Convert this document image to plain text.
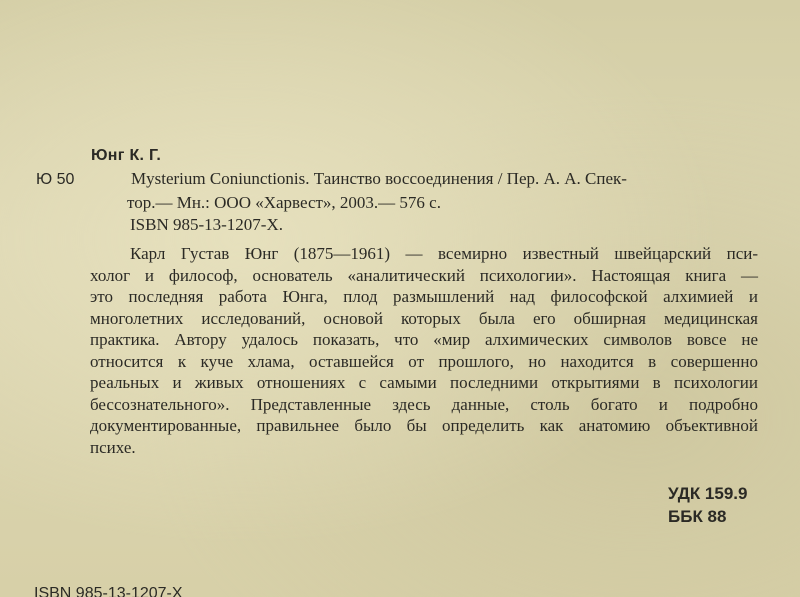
Юнг К. Г.
Ю 50	Mysterium Coniunctionis. Таинство воссоединения / Пер. А. А. Спек-
тор.— Мн.: ООО «Харвест», 2003.— 576 с.
ISBN 985-13-1207-X.
Карл Густав Юнг (1875—1961) — всемирно известный швейцарский пси-
холог и философ, основатель «аналитический психологии». Настоящая книга —
это последняя работа Юнга, плод размышлений над философской алхимией и
многолетних исследований, основой которых была его обширная медицинская
практика. Автору удалось показать, что «мир алхимических символов вовсе не
относится к куче хлама, оставшейся от прошлого, но находится в совершенно
реальных и живых отношениях с самыми последними открытиями в психологии
бессознательного». Представленные здесь данные, столь богато и подробно
документированные, правильнее было бы определить как анатомию объективной
психе.
УДК 159.9
ББК 88
ISBN 985-13-1207-X
